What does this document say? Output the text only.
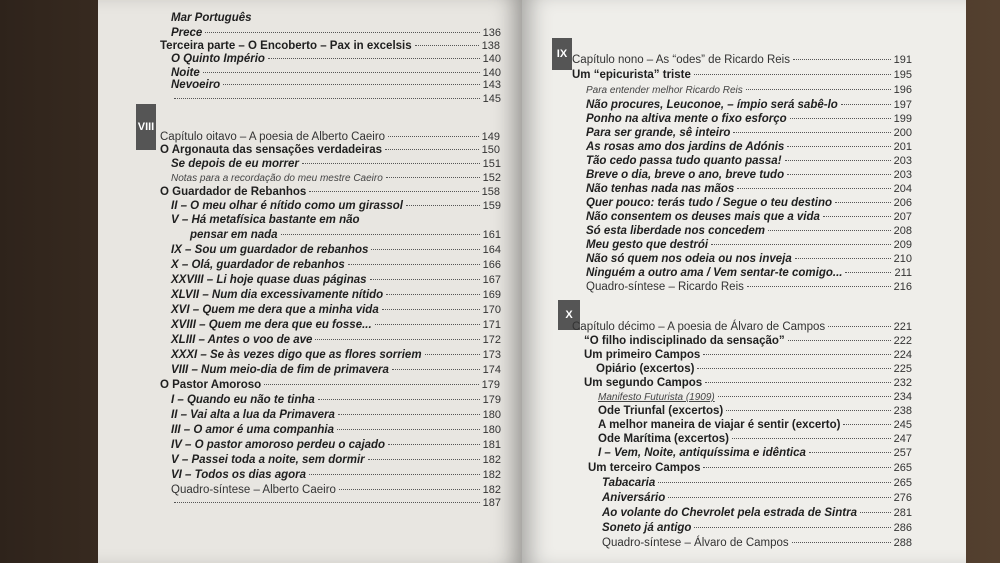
VIII
Mar Português
Prece	136
Terceira parte – O Encoberto – Pax in excelsis	138
O Quinto Império	140
Noite	140
Nevoeiro	143
145
Capítulo oitavo – A poesia de Alberto Caeiro	149
O Argonauta das sensações verdadeiras	150
Se depois de eu morrer	151
Notas para a recordação do meu mestre Caeiro	152
O Guardador de Rebanhos	158
II – O meu olhar é nítido como um girassol	159
V – Há metafísica bastante em não
pensar em nada	161
IX – Sou um guardador de rebanhos	164
X – Olá, guardador de rebanhos	166
XXVIII – Li hoje quase duas páginas	167
XLVII – Num dia excessivamente nítido	169
XVI – Quem me dera que a minha vida	170
XVIII – Quem me dera que eu fosse...	171
XLIII – Antes o voo de ave	172
XXXI – Se às vezes digo que as flores sorriem	173
VIII – Num meio-dia de fim de primavera	174
O Pastor Amoroso	179
I – Quando eu não te tinha	179
II – Vai alta a lua da Primavera	180
III – O amor é uma companhia	180
IV – O pastor amoroso perdeu o cajado	181
V – Passei toda a noite, sem dormir	182
VI – Todos os dias agora	182
Quadro-síntese – Alberto Caeiro	182
187
IX
X
Capítulo nono – As “odes” de Ricardo Reis	191
Um “epicurista” triste	195
Para entender melhor Ricardo Reis	196
Não procures, Leuconoe, – ímpio será sabê-lo	197
Ponho na altiva mente o fixo esforço	199
Para ser grande, sê inteiro	200
As rosas amo dos jardins de Adónis	201
Tão cedo passa tudo quanto passa!	203
Breve o dia, breve o ano, breve tudo	203
Não tenhas nada nas mãos	204
Quer pouco: terás tudo / Segue o teu destino	206
Não consentem os deuses mais que a vida	207
Só esta liberdade nos concedem	208
Meu gesto que destrói	209
Não só quem nos odeia ou nos inveja	210
Ninguém a outro ama / Vem sentar-te comigo...	211
Quadro-síntese – Ricardo Reis	216
Capítulo décimo – A poesia de Álvaro de Campos	221
“O filho indisciplinado da sensação”	222
Um primeiro Campos	224
Opiário (excertos)	225
Um segundo Campos	232
Manifesto Futurista (1909)	234
Ode Triunfal (excertos)	238
A melhor maneira de viajar é sentir (excerto)	245
Ode Marítima (excertos)	247
I – Vem, Noite, antiquíssima e idêntica	257
Um terceiro Campos	265
Tabacaria	265
Aniversário	276
Ao volante do Chevrolet pela estrada de Sintra	281
Soneto já antigo	286
Quadro-síntese – Álvaro de Campos	288
